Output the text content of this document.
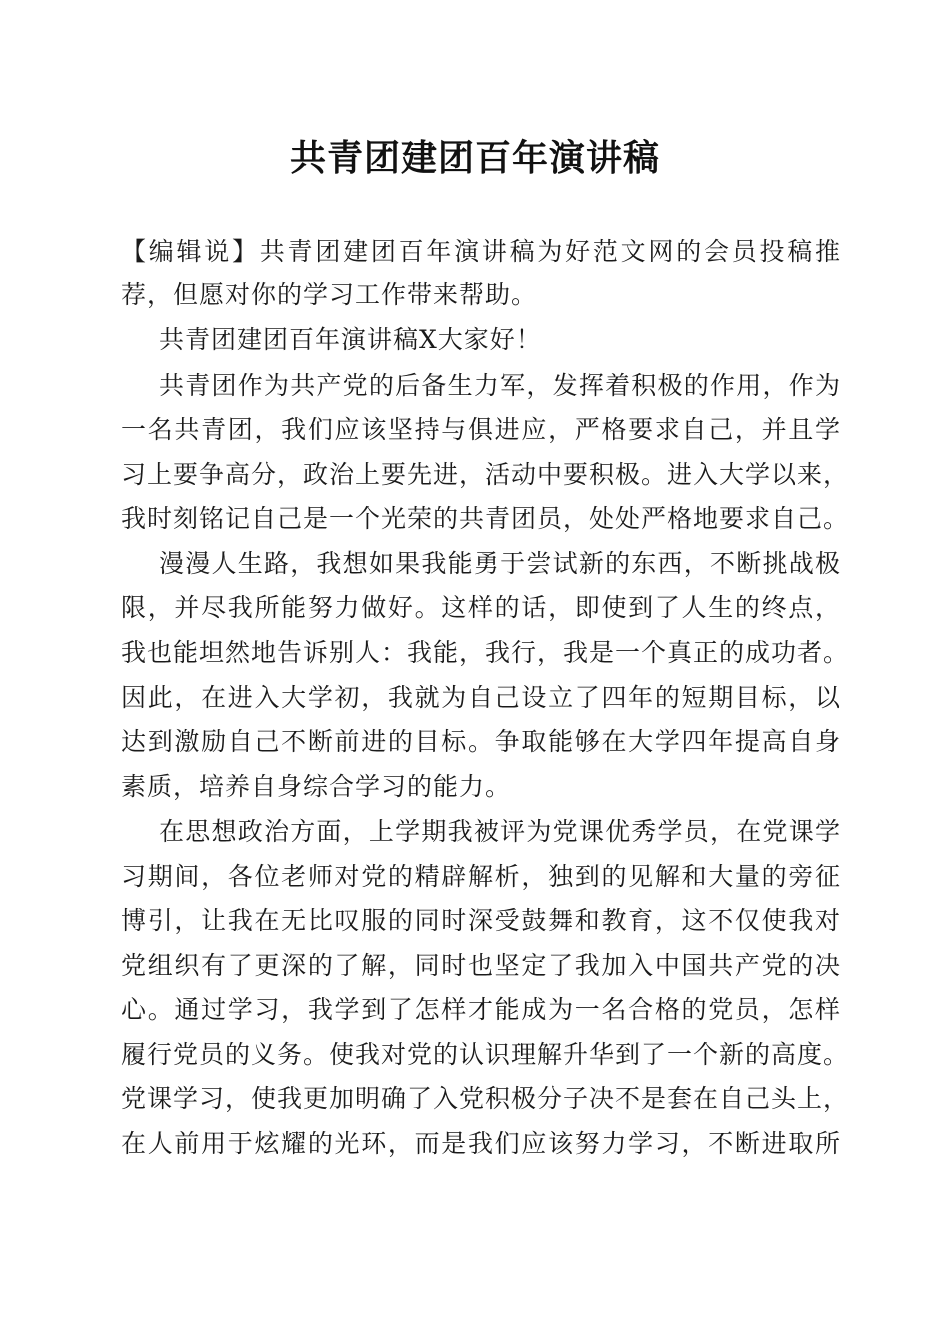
共青团建团百年演讲稿
【编辑说】共青团建团百年演讲稿为好范文网的会员投稿推
荐，但愿对你的学习工作带来帮助。
共青团建团百年演讲稿X大家好！
共青团作为共产党的后备生力军，发挥着积极的作用，作为
一名共青团，我们应该坚持与俱进应，严格要求自己，并且学
习上要争高分，政治上要先进，活动中要积极。进入大学以来，
我时刻铭记自己是一个光荣的共青团员，处处严格地要求自己。
漫漫人生路，我想如果我能勇于尝试新的东西，不断挑战极
限，并尽我所能努力做好。这样的话，即使到了人生的终点，
我也能坦然地告诉别人：我能，我行，我是一个真正的成功者。
因此，在进入大学初，我就为自己设立了四年的短期目标，以
达到激励自己不断前进的目标。争取能够在大学四年提高自身
素质，培养自身综合学习的能力。
在思想政治方面，上学期我被评为党课优秀学员，在党课学
习期间，各位老师对党的精辟解析，独到的见解和大量的旁征
博引，让我在无比叹服的同时深受鼓舞和教育，这不仅使我对
党组织有了更深的了解，同时也坚定了我加入中国共产党的决
心。通过学习，我学到了怎样才能成为一名合格的党员，怎样
履行党员的义务。使我对党的认识理解升华到了一个新的高度。
党课学习，使我更加明确了入党积极分子决不是套在自己头上，
在人前用于炫耀的光环，而是我们应该努力学习，不断进取所
